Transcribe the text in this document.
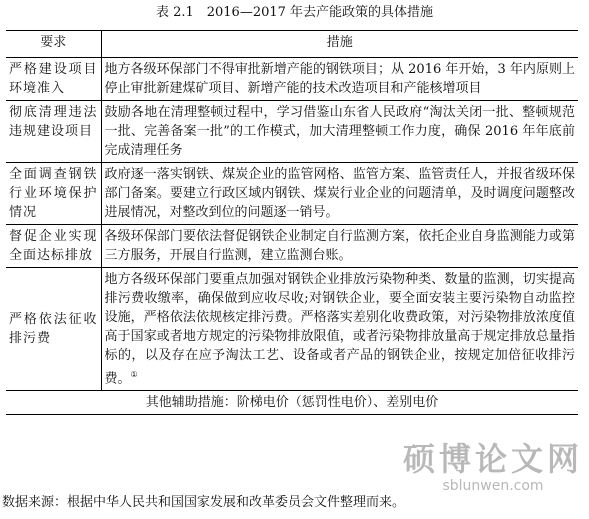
表 2.1　2016—2017 年去产能政策的具体措施
要求	措施
严格建设项目环境准入	地方各级环保部门不得审批新增产能的钢铁项目；从 2016 年开始，3 年内原则上停止审批新建煤矿项目、新增产能的技术改造项目和产能核增项目
彻底清理违法违规建设项目	鼓励各地在清理整顿过程中，学习借鉴山东省人民政府“淘汰关闭一批、整顿规范一批、完善备案一批”的工作模式，加大清理整顿工作力度，确保 2016 年年底前完成清理任务
全面调查钢铁行业环境保护情况	政府逐一落实钢铁、煤炭企业的监管网格、监管方案、监管责任人，并报省级环保部门备案。要建立行政区域内钢铁、煤炭行业企业的问题清单，及时调度问题整改进展情况，对整改到位的问题逐一销号。
督促企业实现全面达标排放	各级环保部门要依法督促钢铁企业制定自行监测方案，依托企业自身监测能力或第三方服务，开展自行监测，建立监测台账。
严格依法征收排污费	地方各级环保部门要重点加强对钢铁企业排放污染物种类、数量的监测，切实提高排污费收缴率，确保做到应收尽收;对钢铁企业，要全面安装主要污染物自动监控设施，严格依法依规核定排污费。严格落实差别化收费政策，对污染物排放浓度值高于国家或者地方规定的污染物排放限值，或者污染物排放量高于规定排放总量指标的，以及存在应予淘汰工艺、设备或者产品的钢铁企业，按规定加倍征收排污费。①
其他辅助措施：阶梯电价（惩罚性电价）、差别电价	
数据来源：根据中华人民共和国国家发展和改革委员会文件整理而来。
硕博论文网
sblunwen.com
